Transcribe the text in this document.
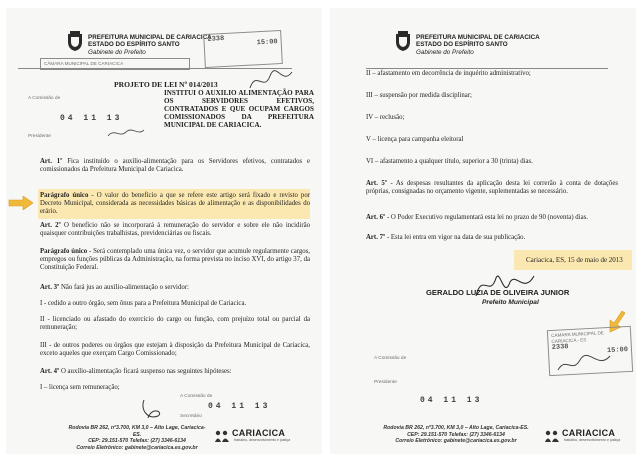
PREFEITURA MUNICIPAL DE CARIACICA
ESTADO DO ESPÍRITO SANTO
Gabinete do Prefeito
CÂMARA MUNICIPAL DE CARIACICA
2338	15:00
PROJETO DE LEI Nº 014/2013
INSTITUI O AUXILIO ALIMENTAÇÃO PARA OS SERVIDORES EFETIVOS, CONTRATADOS E QUE OCUPAM CARGOS COMISSIONADOS DA PREFEITURA MUNICIPAL DE CARIACICA.
A Comissão de
04 11 13
Presidente
Art. 1º Fica instituído o auxílio-alimentação para os Servidores efetivos, contratados e comissionados da Prefeitura Municipal de Cariacica.
Parágrafo único - O valor do benefício a que se refere este artigo será fixado e revisto por Decreto Municipal, considerada as necessidades básicas de alimentação e as disponibilidades do erário.
Art. 2º O benefício não se incorporará à remuneração do servidor e sobre ele não incidirão quaisquer contribuições trabalhistas, previdenciárias ou fiscais.
Parágrafo único - Será contemplado uma única vez, o servidor que acumule regularmente cargos, empregos ou funções públicas da Administração, na forma prevista no inciso XVI, do artigo 37, da Constituição Federal.
Art. 3º Não fará jus ao auxílio-alimentação o servidor:
I - cedido a outro órgão, sem ônus para a Prefeitura Municipal de Cariacica.
II - licenciado ou afastado do exercício do cargo ou função, com prejuízo total ou parcial da remuneração;
III - de outros poderes ou órgãos que estejam à disposição da Prefeitura Municipal de Cariacica, exceto aqueles que exerçam Cargo Comissionado;
Art. 4º O auxílio-alimentação ficará suspenso nas seguintes hipóteses:
I – licença sem remuneração;
A Comissão de
04 11 13
Secretário
Rodovia BR 262, nº3.700, KM 3,0 – Alto Lage, Cariacica-ES.
CEP: 29.151-570 Telefax: (27) 3346-6134
Correio Eletrônico: gabinete@cariacica.es.gov.br
CARIACICA
trabalho, desenvolvimento e justiça
PREFEITURA MUNICIPAL DE CARIACICA
ESTADO DO ESPÍRITO SANTO
Gabinete do Prefeito
II – afastamento em decorrência de inquérito administrativo;
III – suspensão por medida disciplinar;
IV – reclusão;
V – licença para campanha eleitoral
VI – afastamento a qualquer título, superior a 30 (trinta) dias.
Art. 5º - As despesas resultantes da aplicação desta lei correrão à conta de dotações próprias, consignadas no orçamento vigente, suplementadas se necessário.
Art. 6º - O Poder Executivo regulamentará esta lei no prazo de 90 (noventa) dias.
Art. 7º - Esta lei entra em vigor na data de sua publicação.
Cariacica, ES, 15 de maio de 2013
GERALDO LUZIA DE OLIVEIRA JUNIOR
Prefeito Municipal
CAMARA MUNICIPAL DE CARIACICA - ES
2338	15:00
A Comissão de
04 11 13
Presidente
Rodovia BR 262, nº3.700, KM 3,0 – Alto Lage, Cariacica-ES.
CEP: 29.151-570 Telefax: (27) 3346-6134
Correio Eletrônico: gabinete@cariacica.es.gov.br
CARIACICA
trabalho, desenvolvimento e justiça
